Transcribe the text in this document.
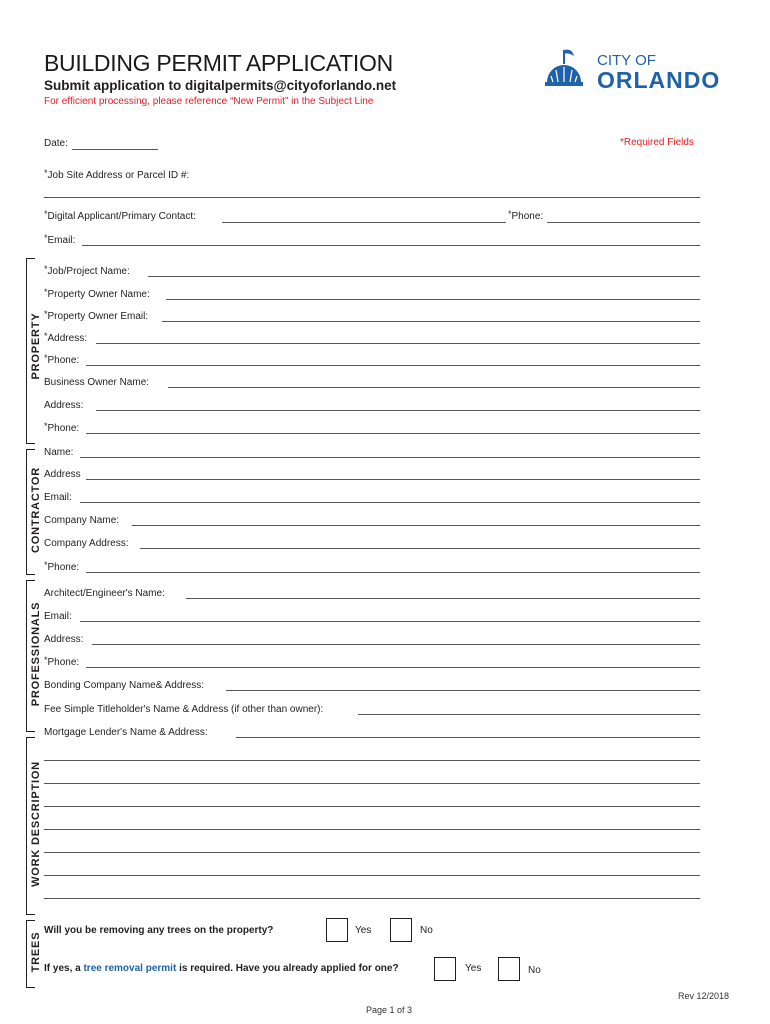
BUILDING PERMIT APPLICATION
Submit application to digitalpermits@cityoforlando.net
For efficient processing, please reference “New Permit” in the Subject Line
CITY OF
ORLANDO
Date:	*Required Fields
*Job Site Address or Parcel ID #:
*Digital Applicant/Primary Contact:	*Phone:
*Email:
PROPERTY
CONTRACTOR
PROFESSIONALS
WORK DESCRIPTION
TREES
*Job/Project Name:
*Property Owner Name:
*Property Owner Email:
*Address:
*Phone:
Business Owner Name:
Address:
*Phone:
Name:
Address
Email:
Company Name:
Company Address:
*Phone:
Architect/Engineer's Name:
Email:
Address:
*Phone:
Bonding Company Name& Address:
Fee Simple Titleholder's Name & Address (if other than owner):
Mortgage Lender's Name & Address:
Will you be removing any trees on the property?	Yes	No
If yes, a tree removal permit is required. Have you already applied for one?	Yes	No
Rev 12/2018
Page 1 of 3
